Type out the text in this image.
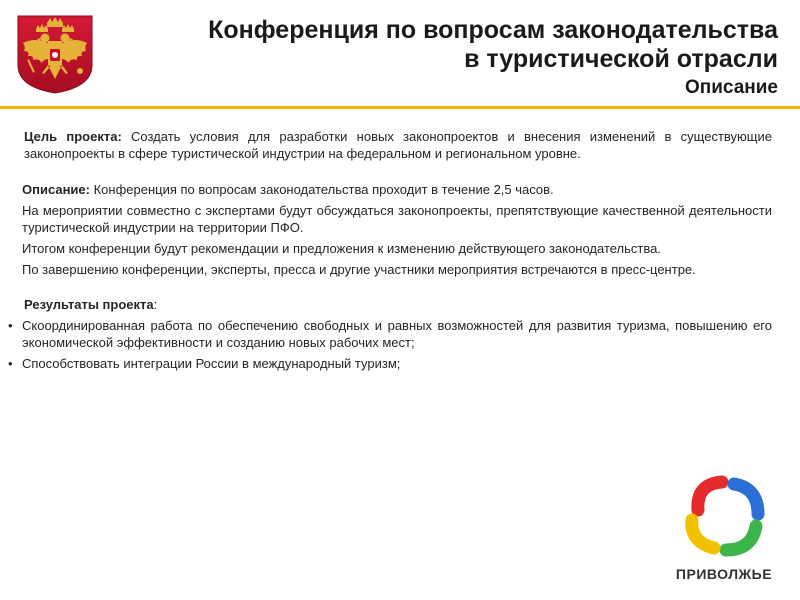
Конференция по вопросам законодательства
в туристической отрасли
Описание

Цель проекта: Создать условия для разработки новых законопроектов и внесения изменений в существующие законопроекты в сфере туристической индустрии на федеральном и региональном уровне.

Описание: Конференция по вопросам законодательства проходит в течение 2,5 часов.

На мероприятии совместно с экспертами будут обсуждаться законопроекты, препятствующие качественной деятельности туристической индустрии на территории ПФО.

Итогом конференции будут рекомендации и предложения к изменению действующего законодательства.

По завершению конференции, эксперты, пресса и другие участники мероприятия встречаются в пресс-центре.

Результаты проекта:

• Скоординированная работа по обеспечению свободных и равных возможностей для развития туризма, повышению его экономической эффективности и созданию новых рабочих мест;

• Способствовать интеграции России в международный туризм;

ПРИВОЛЖЬЕ
